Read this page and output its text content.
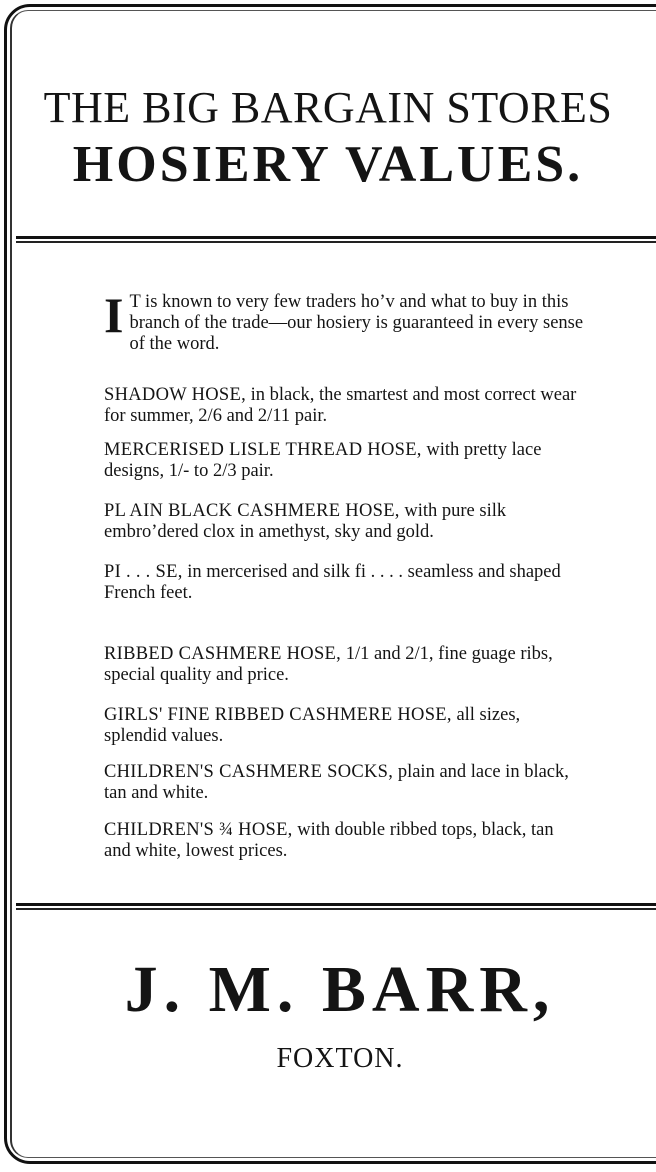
THE BIG BARGAIN STORES
HOSIERY VALUES.
I T is known to very few traders hoʼv and what to buy in this branch of the trade—our hosiery is guaranteed in every sense of the word.
SHADOW HOSE, in black, the smartest and most correct wear for summer, 2/6 and 2/11 pair.
MERCERISED LISLE THREAD HOSE, with pretty lace designs, 1/- to 2/3 pair.
PL AIN BLACK CASHMERE HOSE, with pure silk embroʼdered clox in amethyst, sky and gold.
PI . . . SE, in mercerised and silk fi . . . . seamless and shaped French feet.
RIBBED CASHMERE HOSE, 1/1 and 2/1, fine guage ribs, special quality and price.
GIRLS' FINE RIBBED CASHMERE HOSE, all sizes, splendid values.
CHILDREN'S CASHMERE SOCKS, plain and lace in black, tan and white.
CHILDREN'S ¾ HOSE, with double ribbed tops, black, tan and white, lowest prices.
J. M. BARR,
FOXTON.
